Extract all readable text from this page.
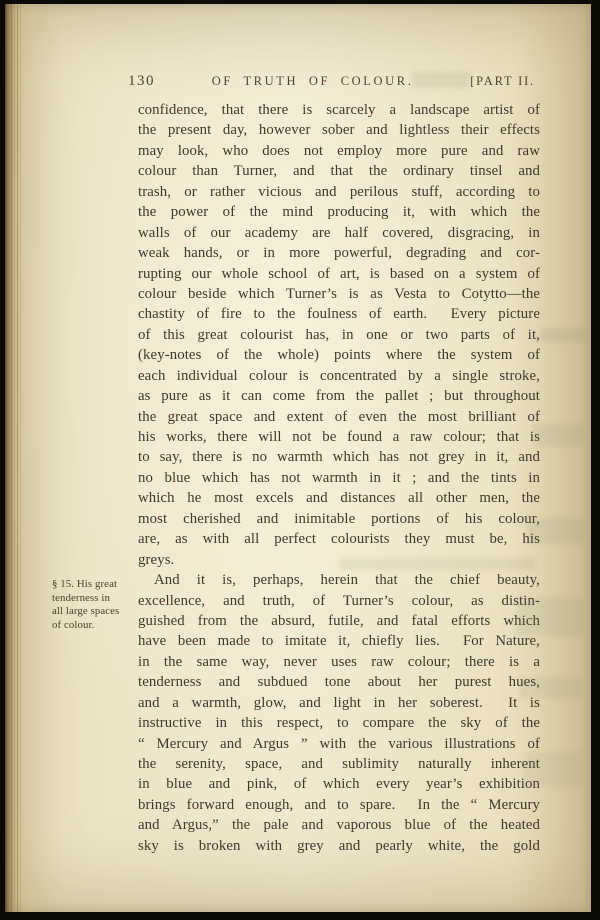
130	OF TRUTH OF COLOUR.	[PART II.
§ 15. His great
tenderness in
all large spaces
of colour.
confidence, that there is scarcely a landscape artist of
the present day, however sober and lightless their effects
may look, who does not employ more pure and raw
colour than Turner, and that the ordinary tinsel and
trash, or rather vicious and perilous stuff, according to
the power of the mind producing it, with which the
walls of our academy are half covered, disgracing, in
weak hands, or in more powerful, degrading and cor-
rupting our whole school of art, is based on a system of
colour beside which Turner’s is as Vesta to Cotytto—the
chastity of fire to the foulness of earth.  Every picture
of this great colourist has, in one or two parts of it,
(key-notes of the whole) points where the system of
each individual colour is concentrated by a single stroke,
as pure as it can come from the pallet ; but throughout
the great space and extent of even the most brilliant of
his works, there will not be found a raw colour; that is
to say, there is no warmth which has not grey in it, and
no blue which has not warmth in it ; and the tints in
which he most excels and distances all other men, the
most cherished and inimitable portions of his colour,
are, as with all perfect colourists they must be, his
greys.
And it is, perhaps, herein that the chief beauty,
excellence, and truth, of Turner’s colour, as distin-
guished from the absurd, futile, and fatal efforts which
have been made to imitate it, chiefly lies.  For Nature,
in the same way, never uses raw colour; there is a
tenderness and subdued tone about her purest hues,
and a warmth, glow, and light in her soberest.  It is
instructive in this respect, to compare the sky of the
“ Mercury and Argus ” with the various illustrations of
the serenity, space, and sublimity naturally inherent
in blue and pink, of which every year’s exhibition
brings forward enough, and to spare.  In the “ Mercury
and Argus,” the pale and vaporous blue of the heated
sky is broken with grey and pearly white, the gold
